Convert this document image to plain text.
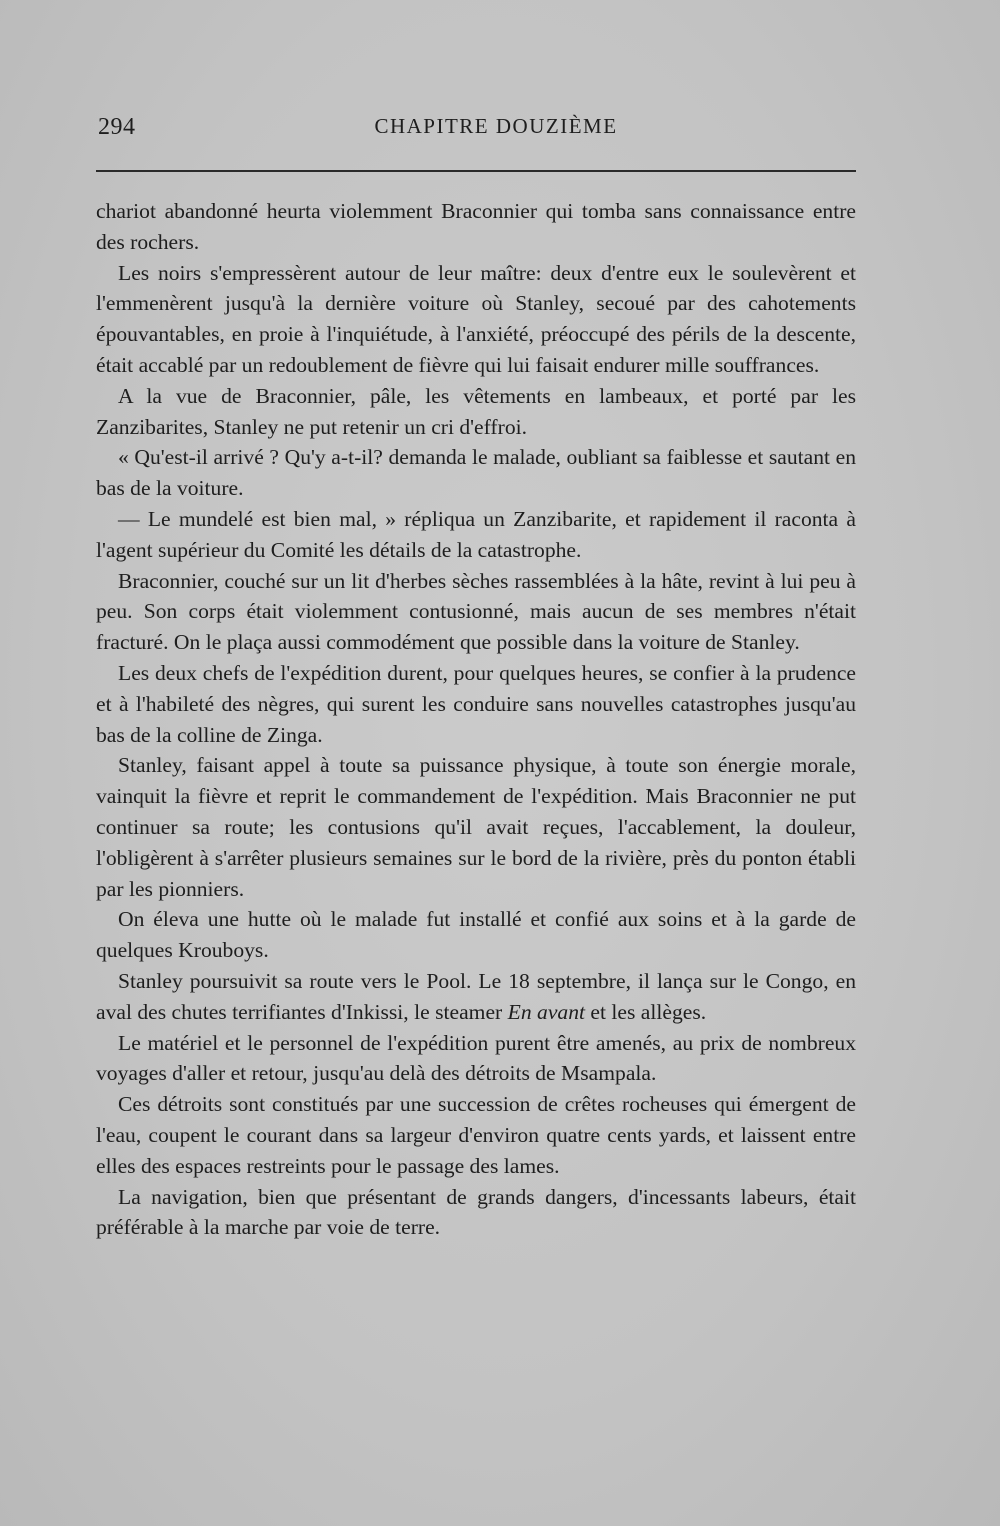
294	CHAPITRE DOUZIÈME

chariot abandonné heurta violemment Braconnier qui tomba sans connaissance entre des rochers.

Les noirs s'empressèrent autour de leur maître: deux d'entre eux le soulevèrent et l'emmenèrent jusqu'à la dernière voiture où Stanley, secoué par des cahotements épouvantables, en proie à l'inquiétude, à l'anxiété, préoccupé des périls de la descente, était accablé par un redoublement de fièvre qui lui faisait endurer mille souffrances.

A la vue de Braconnier, pâle, les vêtements en lambeaux, et porté par les Zanzibarites, Stanley ne put retenir un cri d'effroi.

« Qu'est-il arrivé ? Qu'y a-t-il? demanda le malade, oubliant sa faiblesse et sautant en bas de la voiture.

— Le mundelé est bien mal, » répliqua un Zanzibarite, et rapidement il raconta à l'agent supérieur du Comité les détails de la catastrophe.

Braconnier, couché sur un lit d'herbes sèches rassemblées à la hâte, revint à lui peu à peu. Son corps était violemment contusionné, mais aucun de ses membres n'était fracturé. On le plaça aussi commodément que possible dans la voiture de Stanley.

Les deux chefs de l'expédition durent, pour quelques heures, se confier à la prudence et à l'habileté des nègres, qui surent les conduire sans nouvelles catastrophes jusqu'au bas de la colline de Zinga.

Stanley, faisant appel à toute sa puissance physique, à toute son énergie morale, vainquit la fièvre et reprit le commandement de l'expédition. Mais Braconnier ne put continuer sa route; les contusions qu'il avait reçues, l'accablement, la douleur, l'obligèrent à s'arrêter plusieurs semaines sur le bord de la rivière, près du ponton établi par les pionniers.

On éleva une hutte où le malade fut installé et confié aux soins et à la garde de quelques Krouboys.

Stanley poursuivit sa route vers le Pool. Le 18 septembre, il lança sur le Congo, en aval des chutes terrifiantes d'Inkissi, le steamer En avant et les allèges.

Le matériel et le personnel de l'expédition purent être amenés, au prix de nombreux voyages d'aller et retour, jusqu'au delà des détroits de Msampala.

Ces détroits sont constitués par une succession de crêtes rocheuses qui émergent de l'eau, coupent le courant dans sa largeur d'environ quatre cents yards, et laissent entre elles des espaces restreints pour le passage des lames.

La navigation, bien que présentant de grands dangers, d'incessants labeurs, était préférable à la marche par voie de terre.
